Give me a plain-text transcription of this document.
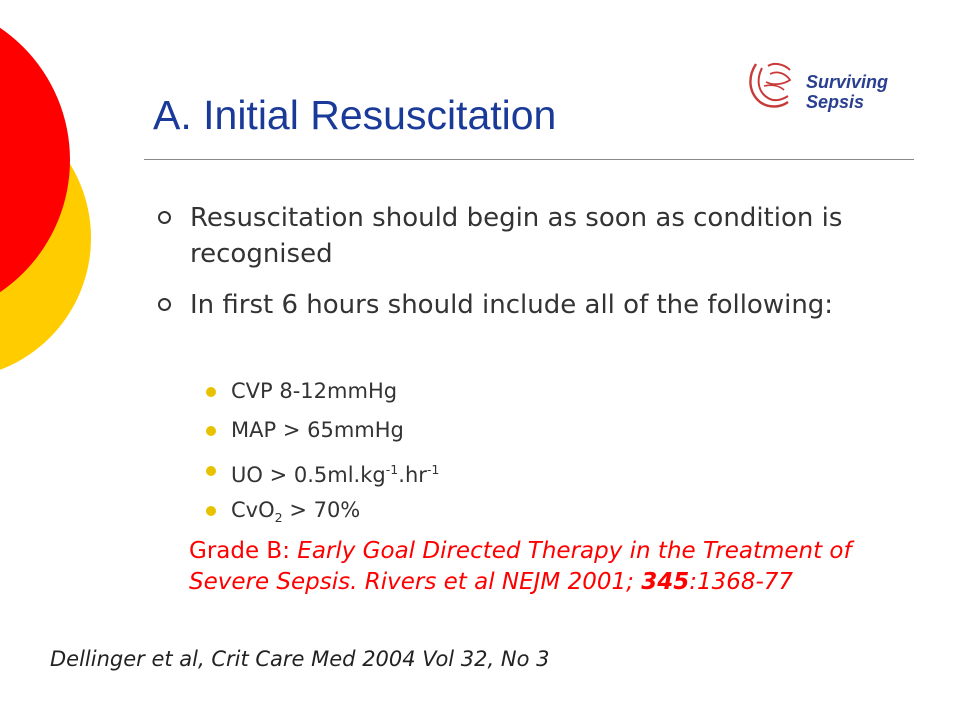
Surviving
Sepsis
A. Initial Resuscitation
Resuscitation should begin as soon as condition is recognised
In first 6 hours should include all of the following:
CVP 8-12mmHg
MAP > 65mmHg
UO > $0.5ml.kg^{-1}.hr^{-1}$
CvO$_2$ > 70%
Grade B: Early Goal Directed Therapy in the Treatment of Severe Sepsis. Rivers et al NEJM 2001; 345:1368-77
Dellinger et al, Crit Care Med 2004 Vol 32, No 3
